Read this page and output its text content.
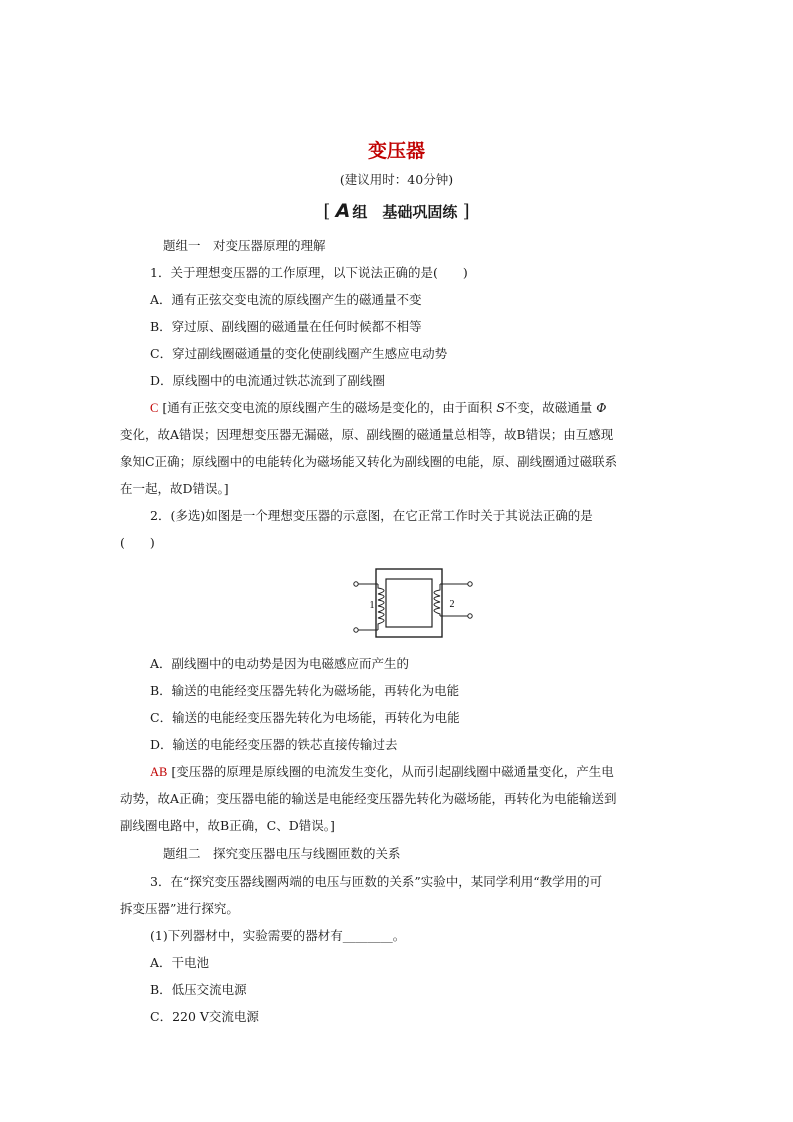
变压器
(建议用时：40分钟)
[ A 组　基础巩固练 ]
题组一　对变压器原理的理解
1．关于理想变压器的工作原理，以下说法正确的是(　　)
A．通有正弦交变电流的原线圈产生的磁通量不变
B．穿过原、副线圈的磁通量在任何时候都不相等
C．穿过副线圈磁通量的变化使副线圈产生感应电动势
D．原线圈中的电流通过铁芯流到了副线圈
C [通有正弦交变电流的原线圈产生的磁场是变化的，由于面积 S不变，故磁通量 Φ
变化，故A错误；因理想变压器无漏磁，原、副线圈的磁通量总相等，故B错误；由互感现
象知C正确；原线圈中的电能转化为磁场能又转化为副线圈的电能，原、副线圈通过磁联系
在一起，故D错误。]
2．(多选)如图是一个理想变压器的示意图，在它正常工作时关于其说法正确的是
(　　)
1	2
A．副线圈中的电动势是因为电磁感应而产生的
B．输送的电能经变压器先转化为磁场能，再转化为电能
C．输送的电能经变压器先转化为电场能，再转化为电能
D．输送的电能经变压器的铁芯直接传输过去
AB [变压器的原理是原线圈的电流发生变化，从而引起副线圈中磁通量变化，产生电
动势，故A正确；变压器电能的输送是电能经变压器先转化为磁场能，再转化为电能输送到
副线圈电路中，故B正确，C、D错误。]
题组二　探究变压器电压与线圈匝数的关系
3．在“探究变压器线圈两端的电压与匝数的关系”实验中，某同学利用“教学用的可
拆变压器”进行探究。
(1)下列器材中，实验需要的器材有________。
A．干电池
B．低压交流电源
C．220 V交流电源
